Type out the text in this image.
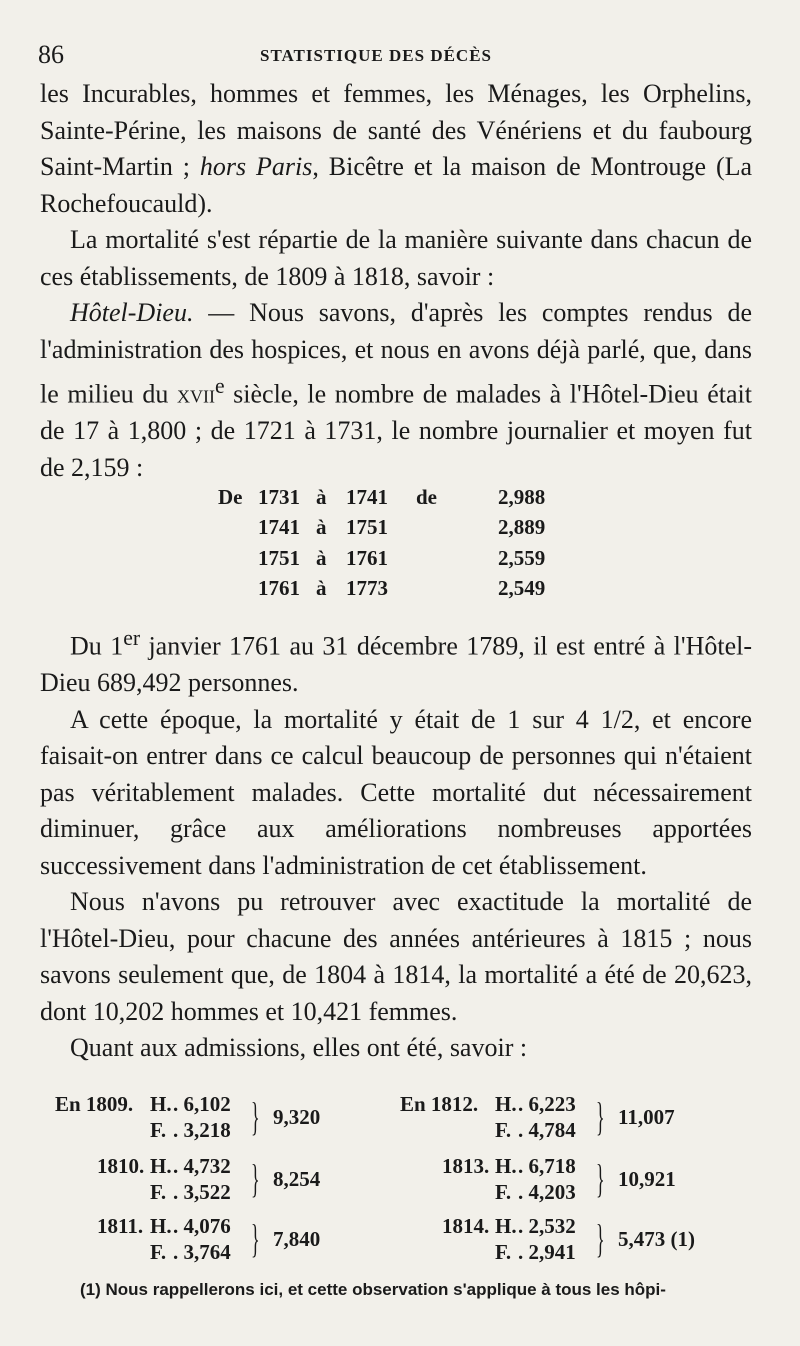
86	STATISTIQUE DES DÉCÈS

les Incurables, hommes et femmes, les Ménages, les Orphelins, Sainte-Périne, les maisons de santé des Vénériens et du faubourg Saint-Martin ; hors Paris, Bicêtre et la maison de Montrouge (La Rochefoucauld).

La mortalité s'est répartie de la manière suivante dans chacun de ces établissements, de 1809 à 1818, savoir :

Hôtel-Dieu. — Nous savons, d'après les comptes rendus de l'administration des hospices, et nous en avons déjà parlé, que, dans le milieu du xvii$^e$ siècle, le nombre de malades à l'Hôtel-Dieu était de 17 à 1,800 ; de 1721 à 1731, le nombre journalier et moyen fut de 2,159 :

De 1731 à 1741 de	2,988
1741 à 1751	2,889
1751 à 1761	2,559
1761 à 1773	2,549

Du 1er janvier 1761 au 31 décembre 1789, il est entré à l'Hôtel-Dieu 689,492 personnes.

A cette époque, la mortalité y était de 1 sur 4 1/2, et encore faisait-on entrer dans ce calcul beaucoup de personnes qui n'étaient pas véritablement malades. Cette mortalité dut nécessairement diminuer, grâce aux améliorations nombreuses apportées successivement dans l'administration de cet établissement.

Nous n'avons pu retrouver avec exactitude la mortalité de l'Hôtel-Dieu, pour chacune des années antérieures à 1815 ; nous savons seulement que, de 1804 à 1814, la mortalité a été de 20,623, dont 10,202 hommes et 10,421 femmes.

Quant aux admissions, elles ont été, savoir :

En 1809. H. . 6,102
F. . 3,218 } 9,320
1810. H. . 4,732
F. . 3,522 } 8,254
1811. H. . 4,076
F. . 3,764 } 7,840
En 1812. H. . 6,223
F. . 4,784 } 11,007
1813. H. . 6,718
F. . 4,203 } 10,921
1814. H. . 2,532
F. . 2,941 } 5,473 (1)
(1) Nous rappellerons ici, et cette observation s'applique à tous les hôpi-
